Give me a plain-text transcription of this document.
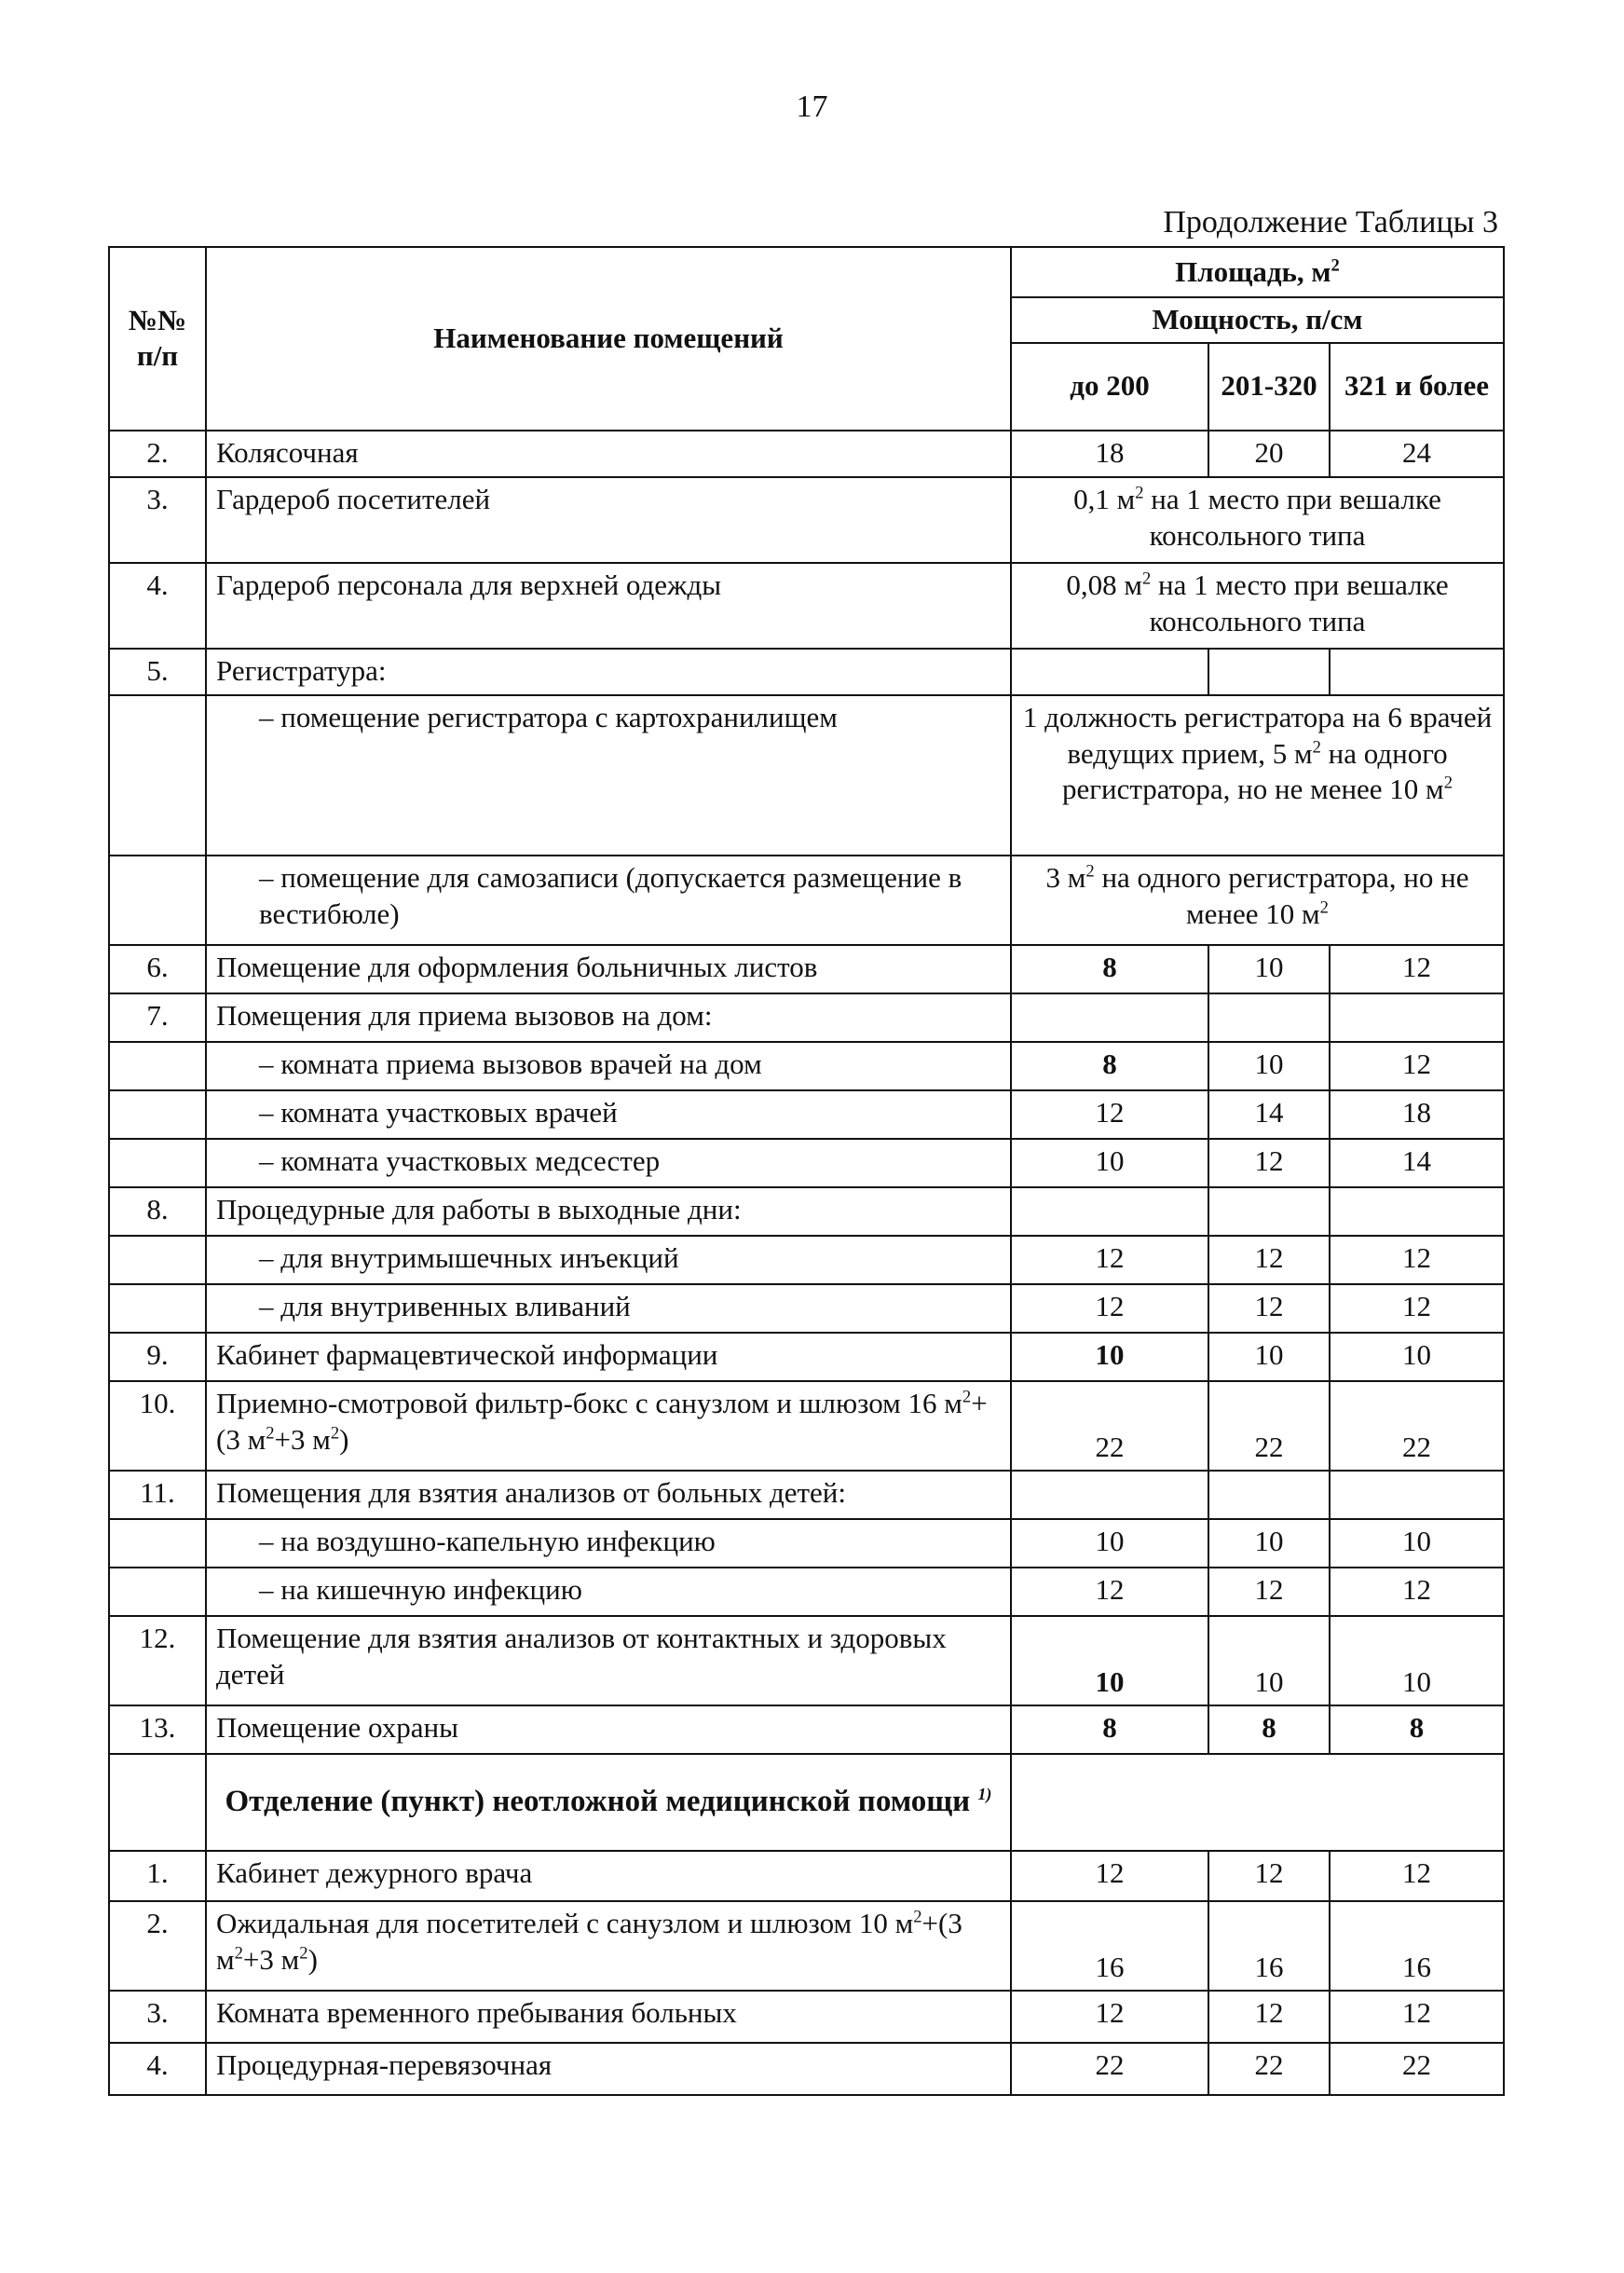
17
Продолжение Таблицы 3
№№ п/п	Наименование помещений	Площадь, $м^2$
		Мощность, п/см		
		до 200	201-320	321 и более
2.	Колясочная	18	20	24
3.	Гардероб посетителей	0,1 $м^2$ на 1 место при вешалке консольного типа		
4.	Гардероб персонала для верхней одежды	0,08 $м^2$ на 1 место при вешалке консольного типа		
5.	Регистратура:			
	– помещение регистратора с картохранилищем	1 должность регистратора на 6 врачей ведущих прием, 5 $м^2$ на одного регистратора, но не менее 10 $м^2$
	– помещение для самозаписи (допускается размещение в вестибюле)	3 $м^2$ на одного регистратора, но не менее 10 $м^2$
6.	Помещение для оформления больничных листов	8	10	12
7.	Помещения для приема вызовов на дом:			
	– комната приема вызовов врачей на дом	8	10	12
	– комната участковых врачей	12	14	18
	– комната участковых медсестер	10	12	14
8.	Процедурные для работы в выходные дни:			
	– для внутримышечных инъекций	12	12	12
	– для внутривенных вливаний	12	12	12
9.	Кабинет фармацевтической информации	10	10	10
10.	Приемно-смотровой фильтр-бокс с санузлом и шлюзом 16 $м^2+(3$ $м^2+3$ $м^2$)	22	22	22
11.	Помещения для взятия анализов от больных детей:			
	– на воздушно-капельную инфекцию	10	10	10
	– на кишечную инфекцию	12	12	12
12.	Помещение для взятия анализов от контактных и здоровых детей	10	10	10
13.	Помещение охраны	8	8	8
	Отделение (пункт) неотложной медицинской помощи $^{1)}$	
1.	Кабинет дежурного врача	12	12	12
2.	Ожидальная для посетителей с санузлом и шлюзом 10 $м^2+(3$ $м^2+3$ $м^2$)	16	16	16
3.	Комната временного пребывания больных	12	12	12
4.	Процедурная-перевязочная	22	22	22
